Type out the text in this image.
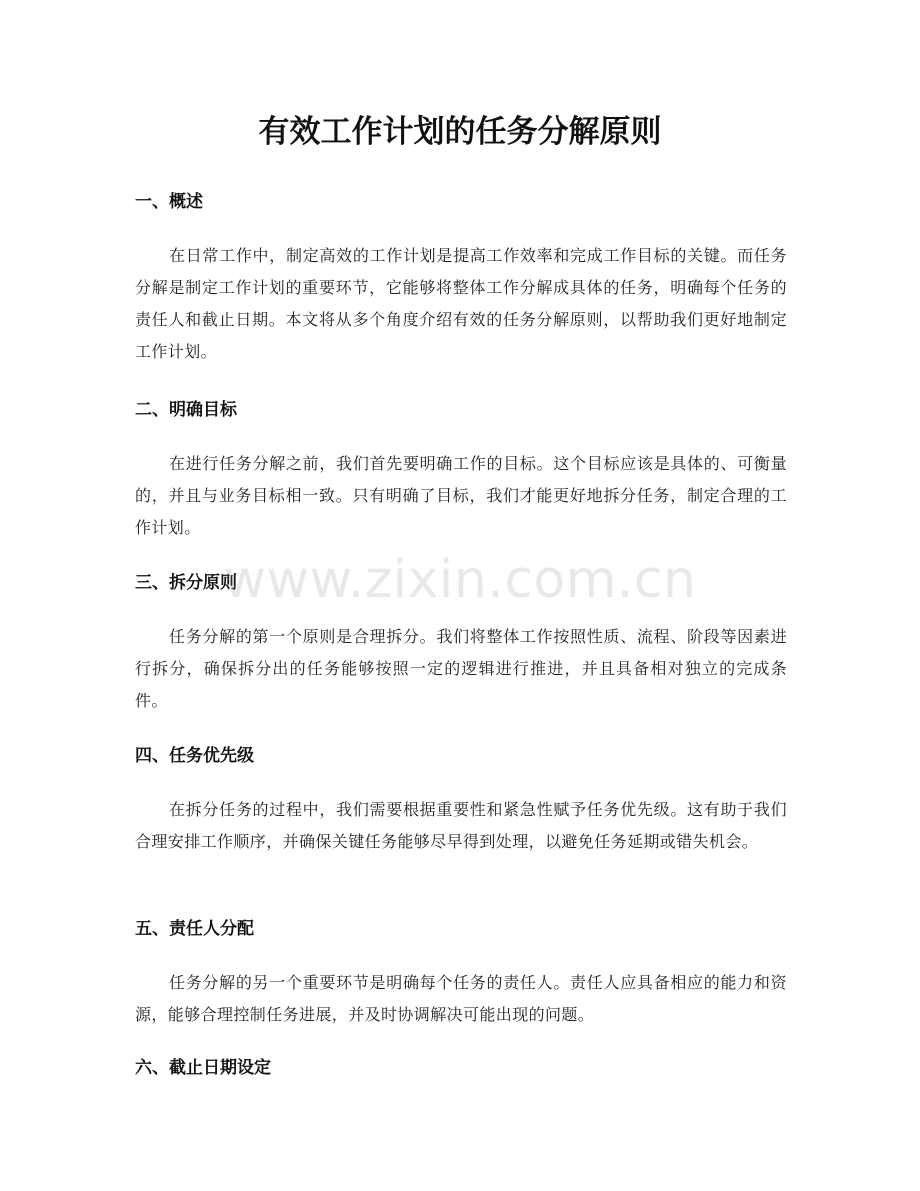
有效工作计划的任务分解原则
一、概述

在日常工作中，制定高效的工作计划是提高工作效率和完成工作目标的关键。而任务分解是制定工作计划的重要环节，它能够将整体工作分解成具体的任务，明确每个任务的责任人和截止日期。本文将从多个角度介绍有效的任务分解原则，以帮助我们更好地制定工作计划。

二、明确目标

在进行任务分解之前，我们首先要明确工作的目标。这个目标应该是具体的、可衡量的，并且与业务目标相一致。只有明确了目标，我们才能更好地拆分任务，制定合理的工作计划。

三、拆分原则

任务分解的第一个原则是合理拆分。我们将整体工作按照性质、流程、阶段等因素进行拆分，确保拆分出的任务能够按照一定的逻辑进行推进，并且具备相对独立的完成条件。

四、任务优先级

在拆分任务的过程中，我们需要根据重要性和紧急性赋予任务优先级。这有助于我们合理安排工作顺序，并确保关键任务能够尽早得到处理，以避免任务延期或错失机会。

五、责任人分配

任务分解的另一个重要环节是明确每个任务的责任人。责任人应具备相应的能力和资源，能够合理控制任务进展，并及时协调解决可能出现的问题。

六、截止日期设定
www.zixin.com.cn
